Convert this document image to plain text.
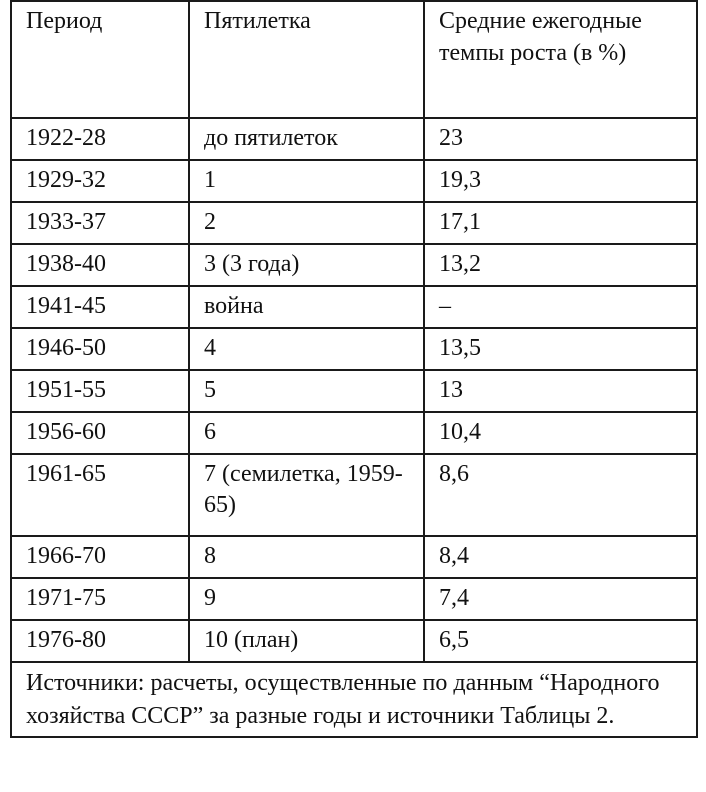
Период	Пятилетка	Средние ежегодные темпы роста (в %)
1922-28	до пятилеток	23
1929-32	1	19,3
1933-37	2	17,1
1938-40	3 (3 года)	13,2
1941-45	война	–
1946-50	4	13,5
1951-55	5	13
1956-60	6	10,4
1961-65	7 (семилетка, 1959-65)	8,6
1966-70	8	8,4
1971-75	9	7,4
1976-80	10 (план)	6,5
Источники: расчеты, осуществленные по данным “Народного хозяйства СССР” за разные годы и источники Таблицы 2.		
